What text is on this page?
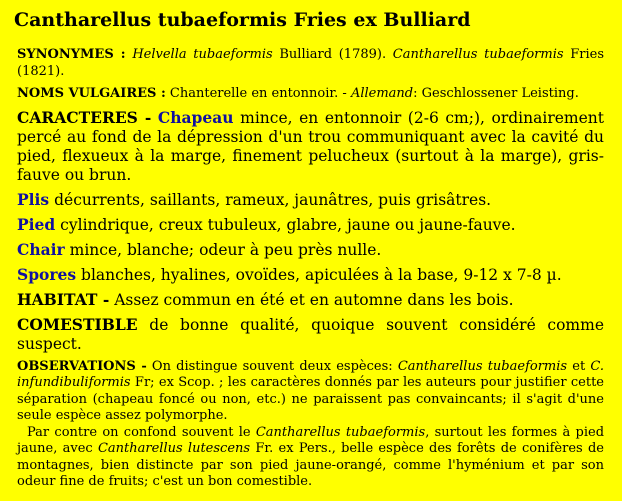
Cantharellus tubaeformis Fries ex Bulliard

SYNONYMES : Helvella tubaeformis Bulliard (1789). Cantharellus tubaeformis Fries (1821).

NOMS VULGAIRES : Chanterelle en entonnoir. - Allemand: Geschlossener Leisting.

CARACTERES - Chapeau mince, en entonnoir (2-6 cm;), ordinairement percé au fond de la dépression d'un trou communiquant avec la cavité du pied, flexueux à la marge, finement pelucheux (surtout à la marge), gris-fauve ou brun.

Plis décurrents, saillants, rameux, jaunâtres, puis grisâtres.

Pied cylindrique, creux tubuleux, glabre, jaune ou jaune-fauve.

Chair mince, blanche; odeur à peu près nulle.

Spores blanches, hyalines, ovoïdes, apiculées à la base, 9-12 x 7-8 µ.

HABITAT - Assez commun en été et en automne dans les bois.

COMESTIBLE de bonne qualité, quoique souvent considéré comme suspect.

OBSERVATIONS - On distingue souvent deux espèces: Cantharellus tubaeformis et C. infundibuliformis Fr; ex Scop. ; les caractères donnés par les auteurs pour justifier cette séparation (chapeau foncé ou non, etc.) ne paraissent pas convaincants; il s'agit d'une seule espèce assez polymorphe.

Par contre on confond souvent le Cantharellus tubaeformis, surtout les formes à pied jaune, avec Cantharellus lutescens Fr. ex Pers., belle espèce des forêts de conifères de montagnes, bien distincte par son pied jaune-orangé, comme l'hyménium et par son odeur fine de fruits; c'est un bon comestible.
